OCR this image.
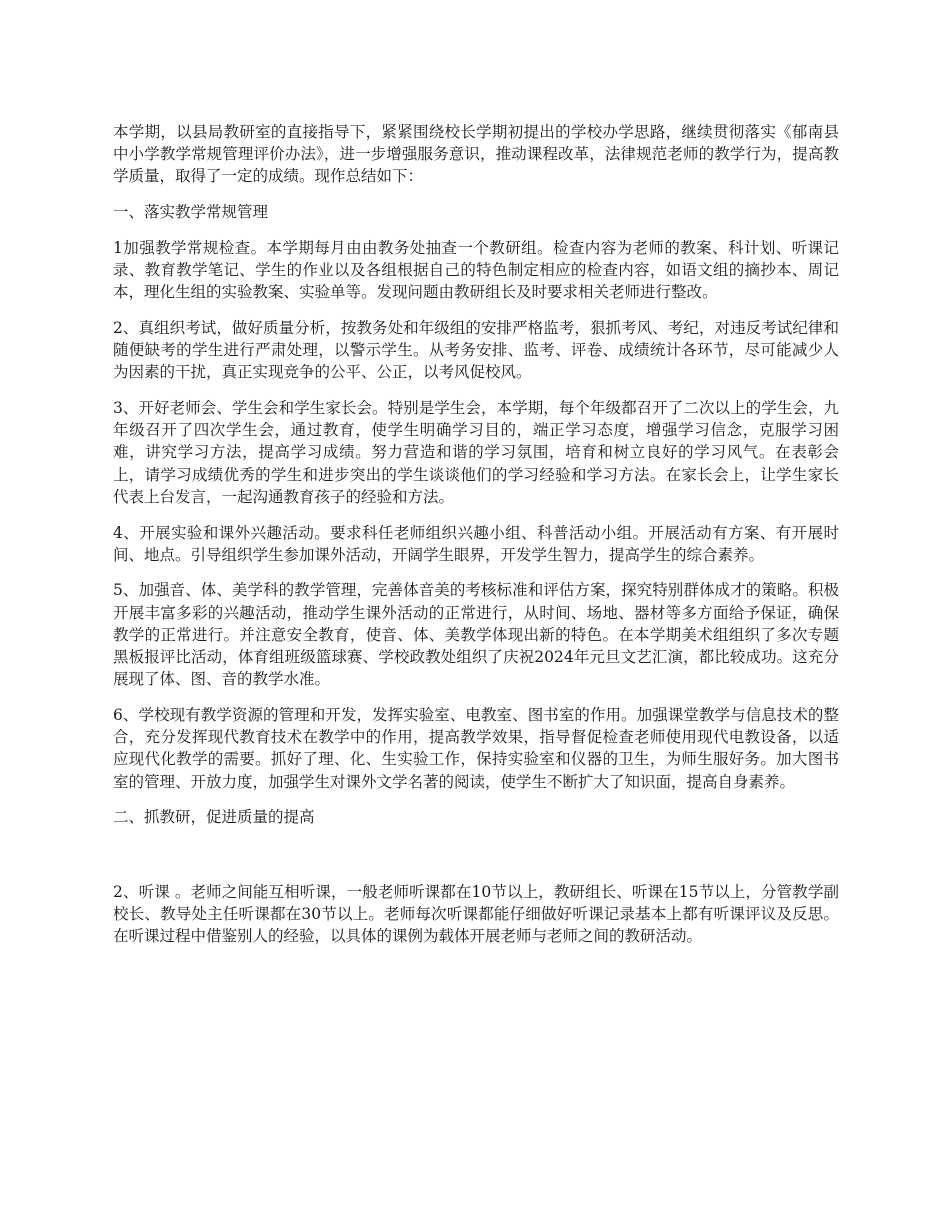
本学期，以县局教研室的直接指导下，紧紧围绕校长学期初提出的学校办学思路，继续贯彻落实《郁南县中小学教学常规管理评价办法》，进一步增强服务意识，推动课程改革，法律规范老师的教学行为，提高教学质量，取得了一定的成绩。现作总结如下：

一、落实教学常规管理

1加强教学常规检查。本学期每月由由教务处抽查一个教研组。检查内容为老师的教案、科计划、听课记录、教育教学笔记、学生的作业以及各组根据自己的特色制定相应的检查内容，如语文组的摘抄本、周记本，理化生组的实验教案、实验单等。发现问题由教研组长及时要求相关老师进行整改。

2、真组织考试，做好质量分析，按教务处和年级组的安排严格监考，狠抓考风、考纪，对违反考试纪律和随便缺考的学生进行严肃处理，以警示学生。从考务安排、监考、评卷、成绩统计各环节，尽可能减少人为因素的干扰，真正实现竞争的公平、公正，以考风促校风。

3、开好老师会、学生会和学生家长会。特别是学生会，本学期，每个年级都召开了二次以上的学生会，九年级召开了四次学生会，通过教育，使学生明确学习目的，端正学习态度，增强学习信念，克服学习困难，讲究学习方法，提高学习成绩。努力营造和谐的学习氛围，培育和树立良好的学习风气。在表彰会上，请学习成绩优秀的学生和进步突出的学生谈谈他们的学习经验和学习方法。在家长会上，让学生家长代表上台发言，一起沟通教育孩子的经验和方法。

4、开展实验和课外兴趣活动。要求科任老师组织兴趣小组、科普活动小组。开展活动有方案、有开展时间、地点。引导组织学生参加课外活动，开阔学生眼界，开发学生智力，提高学生的综合素养。

5、加强音、体、美学科的教学管理，完善体音美的考核标准和评估方案，探究特别群体成才的策略。积极开展丰富多彩的兴趣活动，推动学生课外活动的正常进行，从时间、场地、器材等多方面给予保证，确保教学的正常进行。并注意安全教育，使音、体、美教学体现出新的特色。在本学期美术组组织了多次专题黑板报评比活动，体育组班级篮球赛、学校政教处组织了庆祝2024年元旦文艺汇演，都比较成功。这充分展现了体、图、音的教学水准。

6、学校现有教学资源的管理和开发，发挥实验室、电教室、图书室的作用。加强课堂教学与信息技术的整合，充分发挥现代教育技术在教学中的作用，提高教学效果，指导督促检查老师使用现代电教设备，以适应现代化教学的需要。抓好了理、化、生实验工作，保持实验室和仪器的卫生，为师生服好务。加大图书室的管理、开放力度，加强学生对课外文学名著的阅读，使学生不断扩大了知识面，提高自身素养。

二、抓教研，促进质量的提高

2、听课 。老师之间能互相听课，一般老师听课都在10节以上，教研组长、听课在15节以上，分管教学副校长、教导处主任听课都在30节以上。老师每次听课都能仔细做好听课记录基本上都有听课评议及反思。在听课过程中借鉴别人的经验，以具体的课例为载体开展老师与老师之间的教研活动。
